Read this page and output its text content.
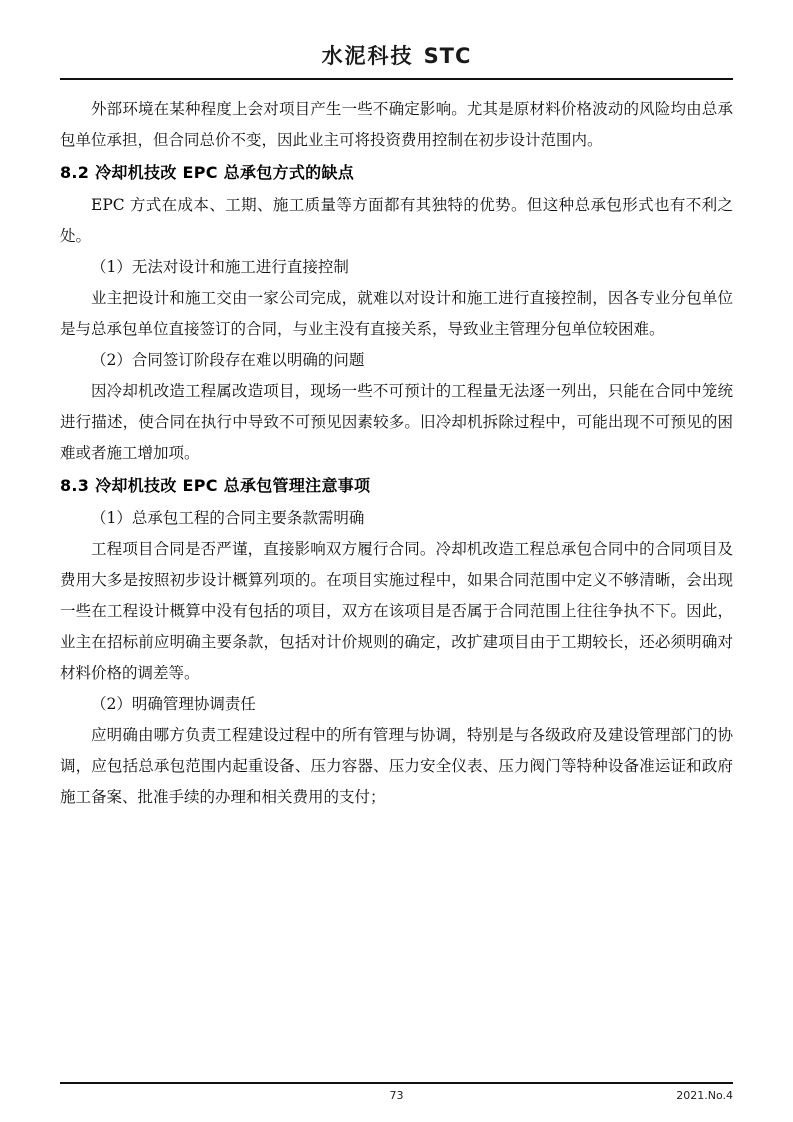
水泥科技 STC

外部环境在某种程度上会对项目产生一些不确定影响。尤其是原材料价格波动的风险均由总承包单位承担，但合同总价不变，因此业主可将投资费用控制在初步设计范围内。

8.2 冷却机技改 EPC 总承包方式的缺点

EPC 方式在成本、工期、施工质量等方面都有其独特的优势。但这种总承包形式也有不利之处。

（1）无法对设计和施工进行直接控制

业主把设计和施工交由一家公司完成，就难以对设计和施工进行直接控制，因各专业分包单位是与总承包单位直接签订的合同，与业主没有直接关系，导致业主管理分包单位较困难。

（2）合同签订阶段存在难以明确的问题

因冷却机改造工程属改造项目，现场一些不可预计的工程量无法逐一列出，只能在合同中笼统进行描述，使合同在执行中导致不可预见因素较多。旧冷却机拆除过程中，可能出现不可预见的困难或者施工增加项。

8.3 冷却机技改 EPC 总承包管理注意事项

（1）总承包工程的合同主要条款需明确

工程项目合同是否严谨，直接影响双方履行合同。冷却机改造工程总承包合同中的合同项目及费用大多是按照初步设计概算列项的。在项目实施过程中，如果合同范围中定义不够清晰，会出现一些在工程设计概算中没有包括的项目，双方在该项目是否属于合同范围上往往争执不下。因此，业主在招标前应明确主要条款，包括对计价规则的确定，改扩建项目由于工期较长，还必须明确对材料价格的调差等。

（2）明确管理协调责任

应明确由哪方负责工程建设过程中的所有管理与协调，特别是与各级政府及建设管理部门的协调，应包括总承包范围内起重设备、压力容器、压力安全仪表、压力阀门等特种设备准运证和政府施工备案、批准手续的办理和相关费用的支付；

73	2021.No.4
